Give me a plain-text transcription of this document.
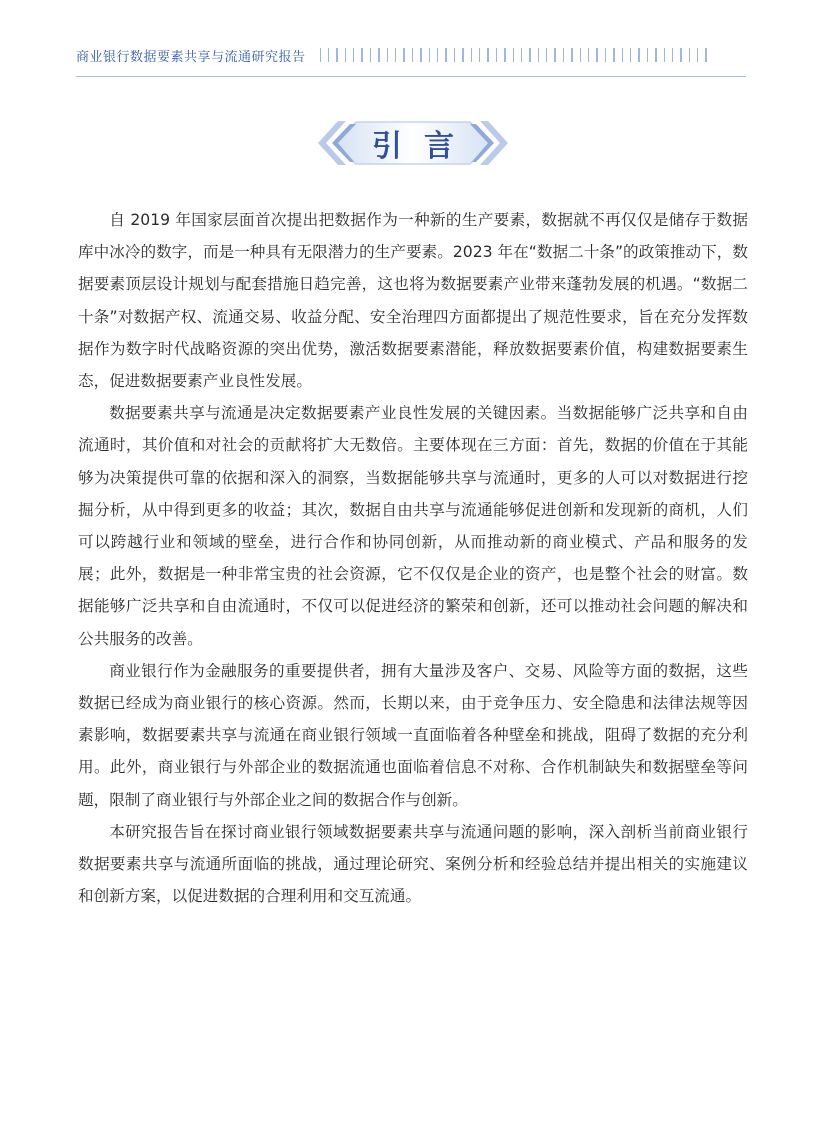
商业银行数据要素共享与流通研究报告
引言

自 2019 年国家层面首次提出把数据作为一种新的生产要素，数据就不再仅仅是储存于数据库中冰冷的数字，而是一种具有无限潜力的生产要素。2023 年在“数据二十条”的政策推动下，数据要素顶层设计规划与配套措施日趋完善，这也将为数据要素产业带来蓬勃发展的机遇。“数据二十条”对数据产权、流通交易、收益分配、安全治理四方面都提出了规范性要求，旨在充分发挥数据作为数字时代战略资源的突出优势，激活数据要素潜能，释放数据要素价值，构建数据要素生态，促进数据要素产业良性发展。

数据要素共享与流通是决定数据要素产业良性发展的关键因素。当数据能够广泛共享和自由流通时，其价值和对社会的贡献将扩大无数倍。主要体现在三方面：首先，数据的价值在于其能够为决策提供可靠的依据和深入的洞察，当数据能够共享与流通时，更多的人可以对数据进行挖掘分析，从中得到更多的收益；其次，数据自由共享与流通能够促进创新和发现新的商机，人们可以跨越行业和领域的壁垒，进行合作和协同创新，从而推动新的商业模式、产品和服务的发展；此外，数据是一种非常宝贵的社会资源，它不仅仅是企业的资产，也是整个社会的财富。数据能够广泛共享和自由流通时，不仅可以促进经济的繁荣和创新，还可以推动社会问题的解决和公共服务的改善。

商业银行作为金融服务的重要提供者，拥有大量涉及客户、交易、风险等方面的数据，这些数据已经成为商业银行的核心资源。然而，长期以来，由于竞争压力、安全隐患和法律法规等因素影响，数据要素共享与流通在商业银行领域一直面临着各种壁垒和挑战，阻碍了数据的充分利用。此外，商业银行与外部企业的数据流通也面临着信息不对称、合作机制缺失和数据壁垒等问题，限制了商业银行与外部企业之间的数据合作与创新。

本研究报告旨在探讨商业银行领域数据要素共享与流通问题的影响，深入剖析当前商业银行数据要素共享与流通所面临的挑战，通过理论研究、案例分析和经验总结并提出相关的实施建议和创新方案，以促进数据的合理利用和交互流通。
